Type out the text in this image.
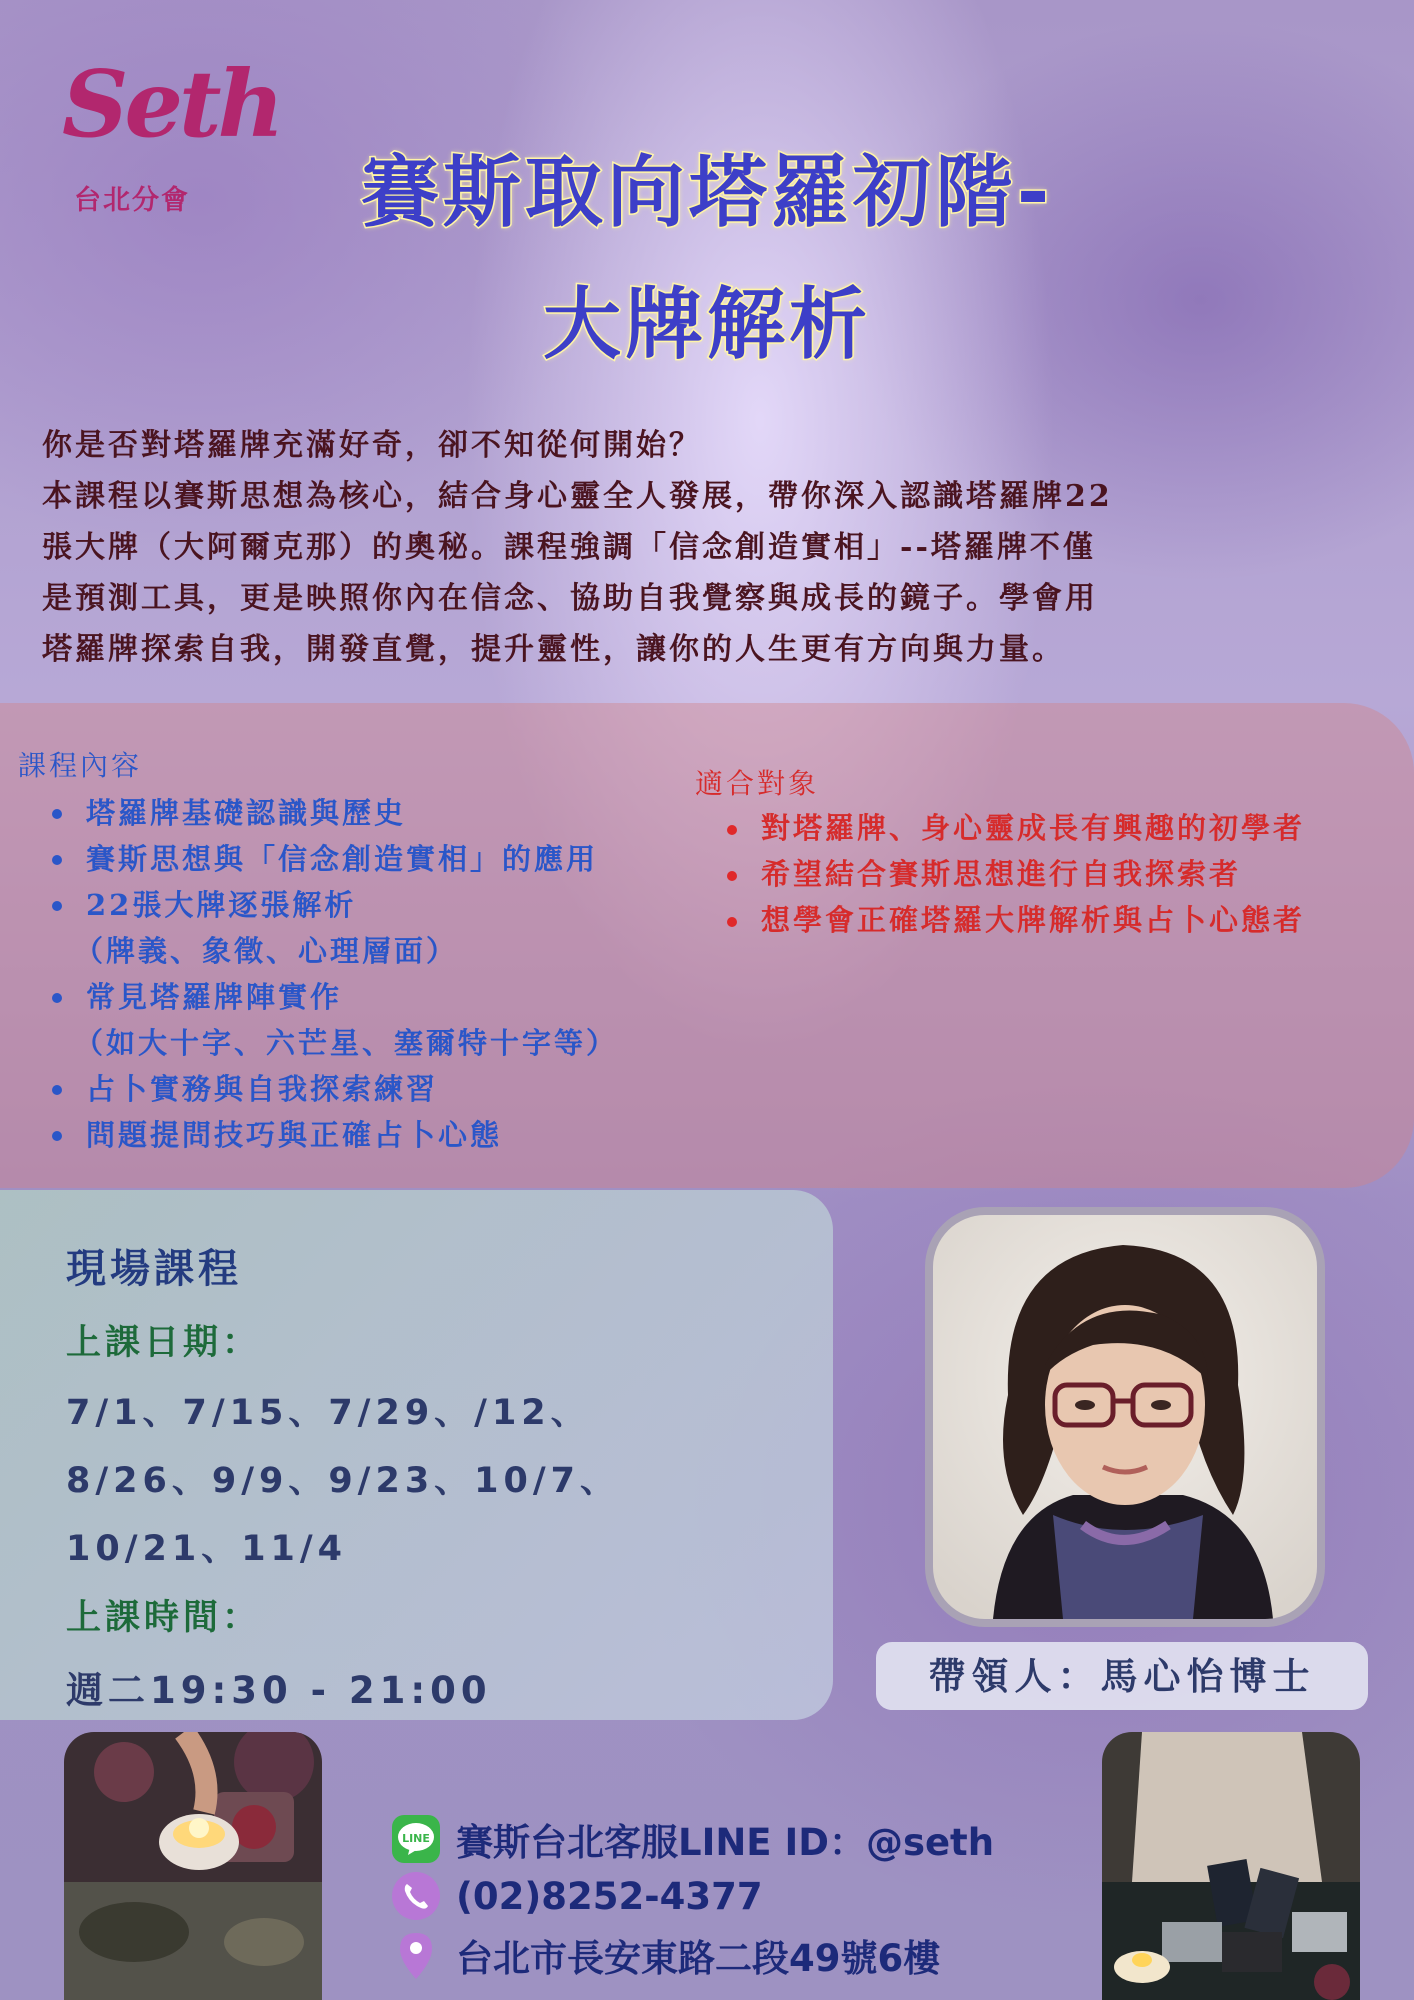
Seth
台北分會	賽斯取向塔羅初階-
大牌解析

你是否對塔羅牌充滿好奇，卻不知從何開始？

本課程以賽斯思想為核心，結合身心靈全人發展，帶你深入認識塔羅牌22

張大牌（大阿爾克那）的奧秘。課程強調「信念創造實相」--塔羅牌不僅

是預測工具，更是映照你內在信念、協助自我覺察與成長的鏡子。學會用

塔羅牌探索自我，開發直覺，提升靈性，讓你的人生更有方向與力量。

課程內容
塔羅牌基礎認識與歷史
賽斯思想與「信念創造實相」的應用
22張大牌逐張解析
（牌義、象徵、心理層面）
常見塔羅牌陣實作
（如大十字、六芒星、塞爾特十字等）
占卜實務與自我探索練習
問題提問技巧與正確占卜心態
適合對象
對塔羅牌、身心靈成長有興趣的初學者
希望結合賽斯思想進行自我探索者
想學會正確塔羅大牌解析與占卜心態者
現場課程
上課日期：
7/1、7/15、7/29、/12、
8/26、9/9、9/23、10/7、
10/21、11/4
上課時間：
週二19:30 - 21:00	帶領人：馬心怡博士
LINE 賽斯台北客服LINE ID：@seth
(02)8252-4377
台北市長安東路二段49號6樓
